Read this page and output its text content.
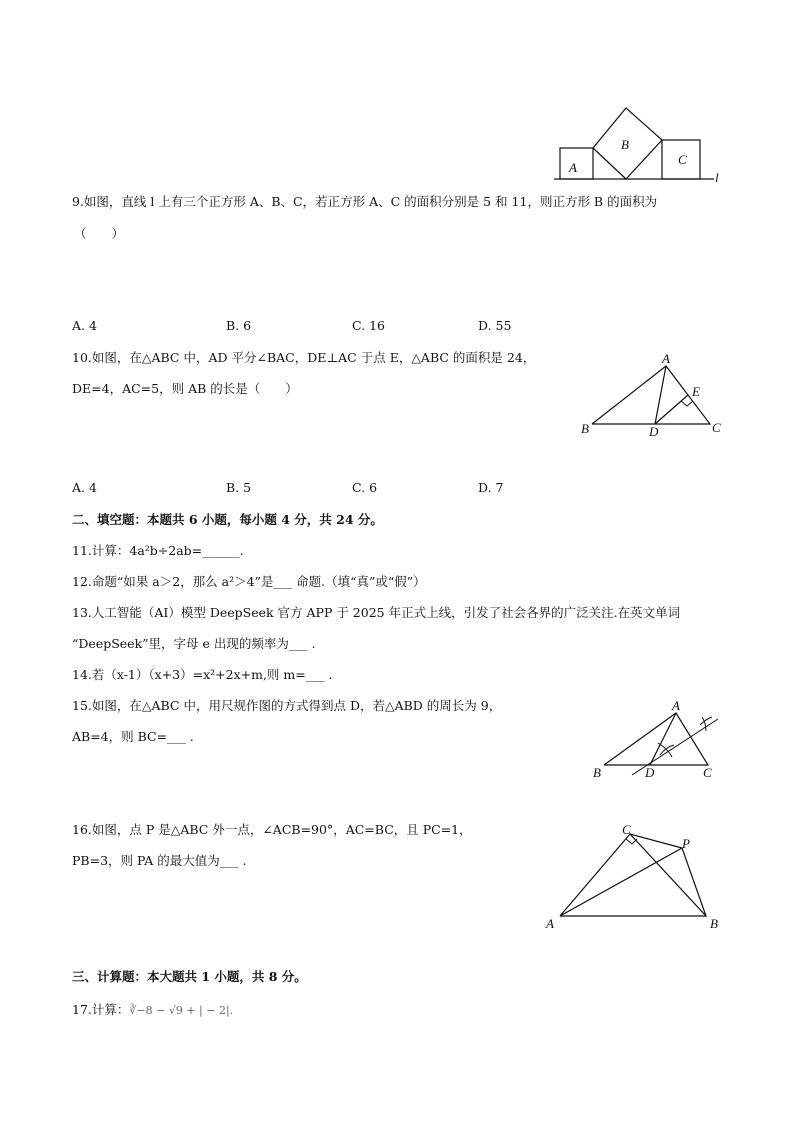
A
B
C
l
9.如图，直线 l 上有三个正方形 A、B、C，若正方形 A、C 的面积分别是 5 和 11，则正方形 B 的面积为
（　　）
A. 4	B. 6	C. 16	D. 55
10.如图，在△ABC 中，AD 平分∠BAC，DE⊥AC 于点 E，△ABC 的面积是 24，
DE=4，AC=5，则 AB 的长是（　　）
A
B	C
D
E
A. 4	B. 5	C. 6	D. 7
二、填空题：本题共 6 小题，每小题 4 分，共 24 分。
11.计算：4a²b÷2ab=______.
12.命题“如果 a＞2，那么 a²＞4”是___ 命题.（填“真”或“假”）
13.人工智能（AI）模型 DeepSeek 官方 APP 于 2025 年正式上线，引发了社会各界的广泛关注.在英文单词
“DeepSeek”里，字母 e 出现的频率为___ .
14.若（x-1）（x+3）=x²+2x+m,则 m=___ .
15.如图，在△ABC 中，用尺规作图的方式得到点 D，若△ABD 的周长为 9，
AB=4，则 BC=___ .
A
B	C
D
16.如图，点 P 是△ABC 外一点，∠ACB=90°，AC=BC，且 PC=1，
PB=3，则 PA 的最大值为___ .
A	B
C
P
三、计算题：本大题共 1 小题，共 8 分。
17.计算：∛−8 − √9 + | − 2|.
